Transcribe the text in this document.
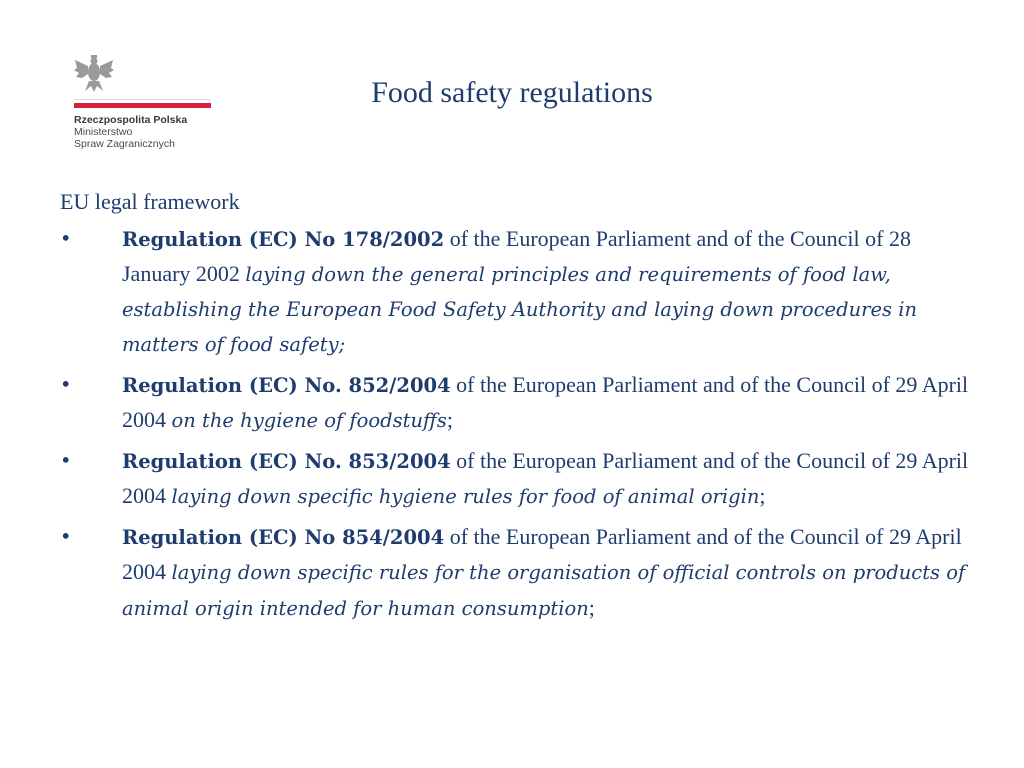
Rzeczpospolita Polska
Ministerstwo
Spraw Zagranicznych
Food safety regulations
EU legal framework
•	Regulation (EC) No 178/2002 of the European Parliament and of the Council of 28 January 2002 laying down the general principles and requirements of food law, establishing the European Food Safety Authority and laying down procedures in matters of food safety;
•	Regulation (EC) No. 852/2004 of the European Parliament and of the Council of 29 April 2004 on the hygiene of foodstuffs;
•	Regulation (EC) No. 853/2004 of the European Parliament and of the Council of 29 April 2004 laying down specific hygiene rules for food of animal origin;
•	Regulation (EC) No 854/2004 of the European Parliament and of the Council of 29 April 2004 laying down specific rules for the organisation of official controls on products of animal origin intended for human consumption;
